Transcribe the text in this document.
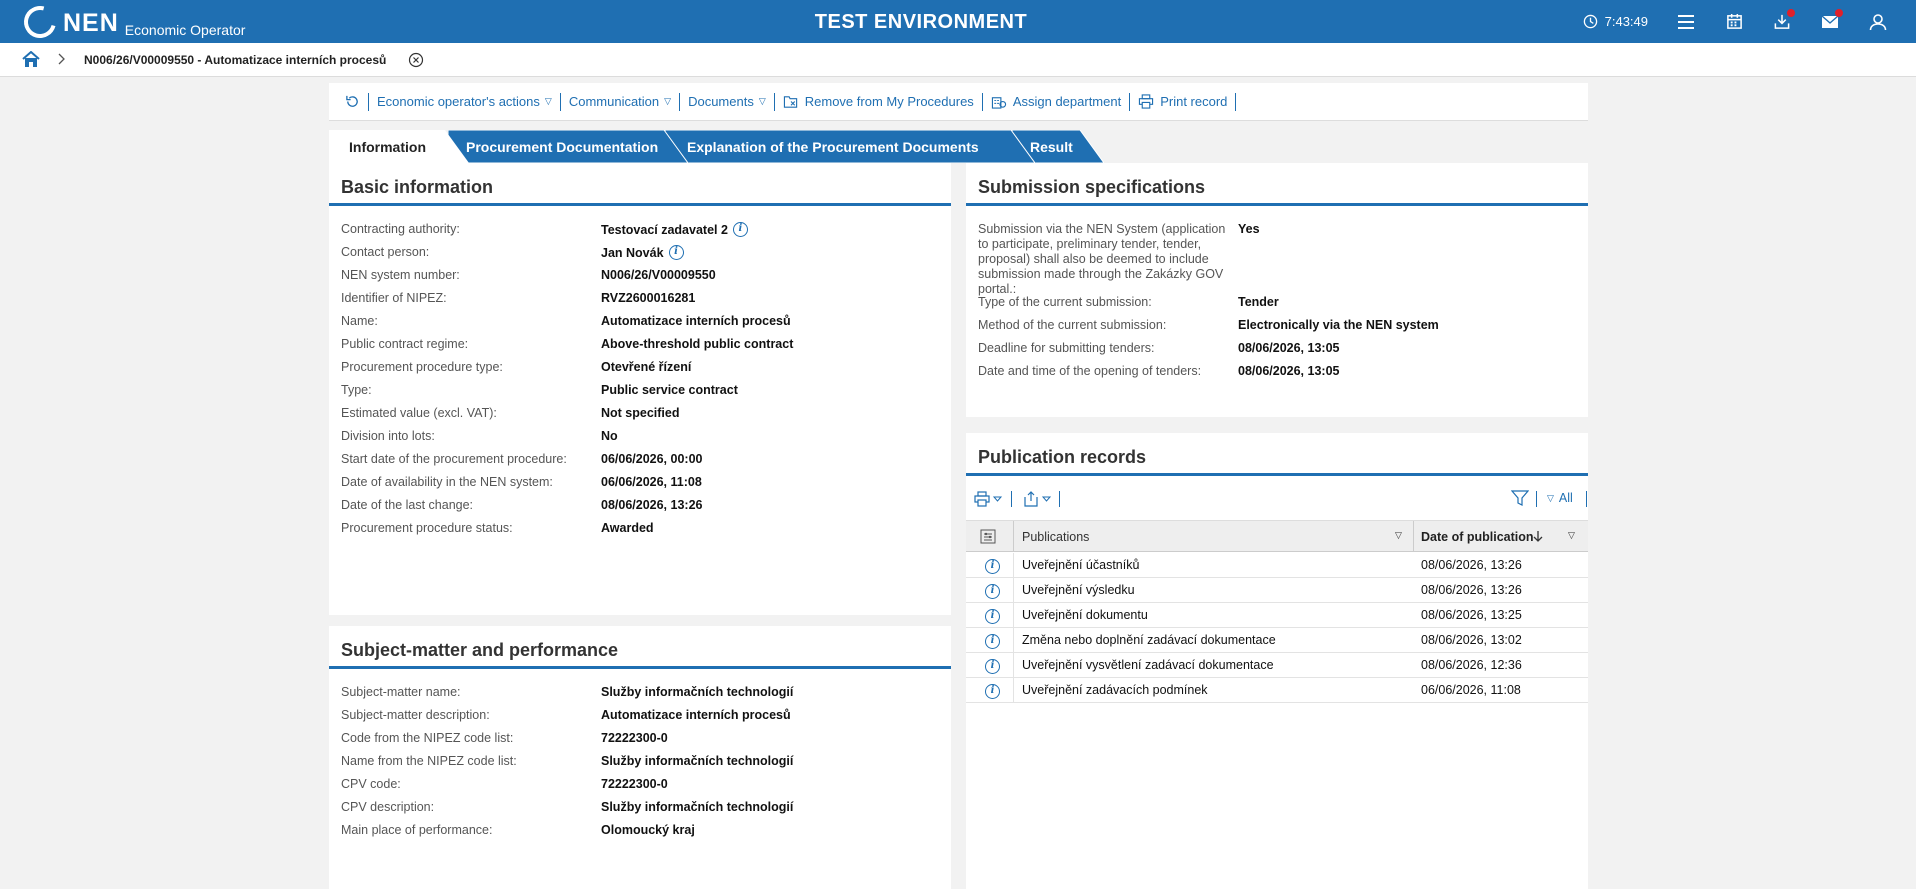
NEN Economic Operator	TEST ENVIRONMENT	7:43:49
N006/26/V00009550 - Automatizace interních procesů
Economic operator's actions ▽ Communication ▽ Documents ▽	Remove from My Procedures	Assign department	Print record
Result
Explanation of the Procurement Documents
Procurement Documentation
Information
Basic information
Contracting authority:	Testovací zadavatel 2	i
Contact person:	Jan Novák	i
NEN system number:	N006/26/V00009550
Identifier of NIPEZ:	RVZ2600016281
Name:	Automatizace interních procesů
Public contract regime:	Above-threshold public contract
Procurement procedure type:	Otevřené řízení
Type:	Public service contract
Estimated value (excl. VAT):	Not specified
Division into lots:	No
Start date of the procurement procedure:	06/06/2026, 00:00
Date of availability in the NEN system:	06/06/2026, 11:08
Date of the last change:	08/06/2026, 13:26
Procurement procedure status:	Awarded
Subject-matter and performance
Subject-matter name:	Služby informačních technologií
Subject-matter description:	Automatizace interních procesů
Code from the NIPEZ code list:	72222300-0
Name from the NIPEZ code list:	Služby informačních technologií
CPV code:	72222300-0
CPV description:	Služby informačních technologií
Main place of performance:	Olomoucký kraj
Submission specifications
Submission via the NEN System (application to participate, preliminary tender, tender, proposal) shall also be deemed to include submission made through the Zakázky GOV portal.:
Yes
Type of the current submission:	Tender
Method of the current submission:	Electronically via the NEN system
Deadline for submitting tenders:	08/06/2026, 13:05
Date and time of the opening of tenders:	08/06/2026, 13:05
Publication records
▽ All
Publications	▽ Date of publication	▽
i	Uveřejnění účastníků	08/06/2026, 13:26
i	Uveřejnění výsledku	08/06/2026, 13:26
i	Uveřejnění dokumentu	08/06/2026, 13:25
i	Změna nebo doplnění zadávací dokumentace	08/06/2026, 13:02
i	Uveřejnění vysvětlení zadávací dokumentace	08/06/2026, 12:36
i	Uveřejnění zadávacích podmínek	06/06/2026, 11:08
